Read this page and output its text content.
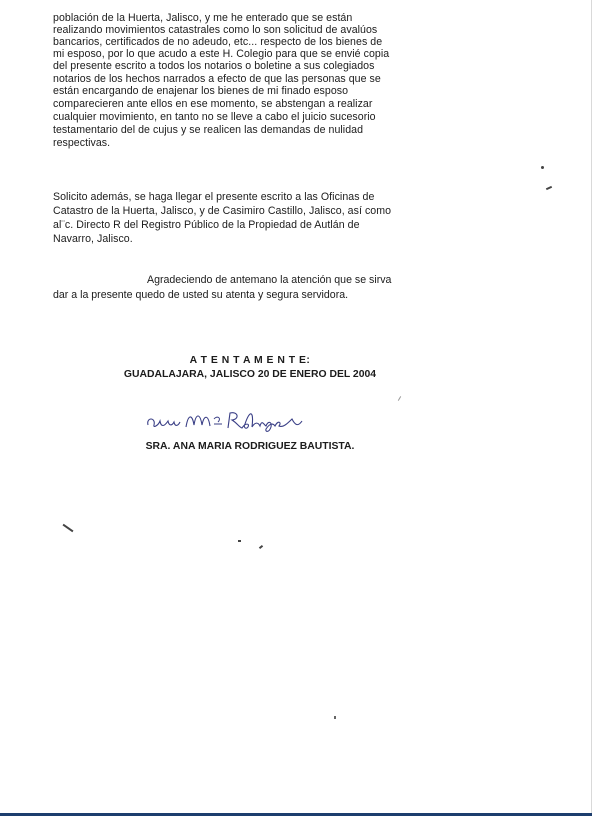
población de la Huerta, Jalisco, y me he enterado que se están
realizando movimientos catastrales como lo son solicitud de avalúos
bancarios, certificados de no adeudo, etc... respecto de los bienes de
mi esposo, por lo que acudo a este H. Colegio para que se envié copia
del presente escrito a todos los notarios o boletine a sus colegiados
notarios de los hechos narrados a efecto de que las personas que se
están encargando de enajenar los bienes de mi finado esposo
comparecieren ante ellos en ese momento, se abstengan a realizar
cualquier movimiento, en tanto no se lleve a cabo el juicio sucesorio
testamentario del de cujus y se realicen las demandas de nulidad
respectivas.
Solicito además, se haga llegar el presente escrito a las Oficinas de
Catastro de la Huerta, Jalisco, y de Casimiro Castillo, Jalisco, así como
al¨c. Directo R del Registro Público de la Propiedad de Autlán de
Navarro, Jalisco.
Agradeciendo de antemano la atención que se sirva
dar a la presente quedo de usted su atenta y segura servidora.
A T E N T A M E N T E:
GUADALAJARA, JALISCO 20 DE ENERO DEL 2004
SRA. ANA MARIA RODRIGUEZ BAUTISTA.
